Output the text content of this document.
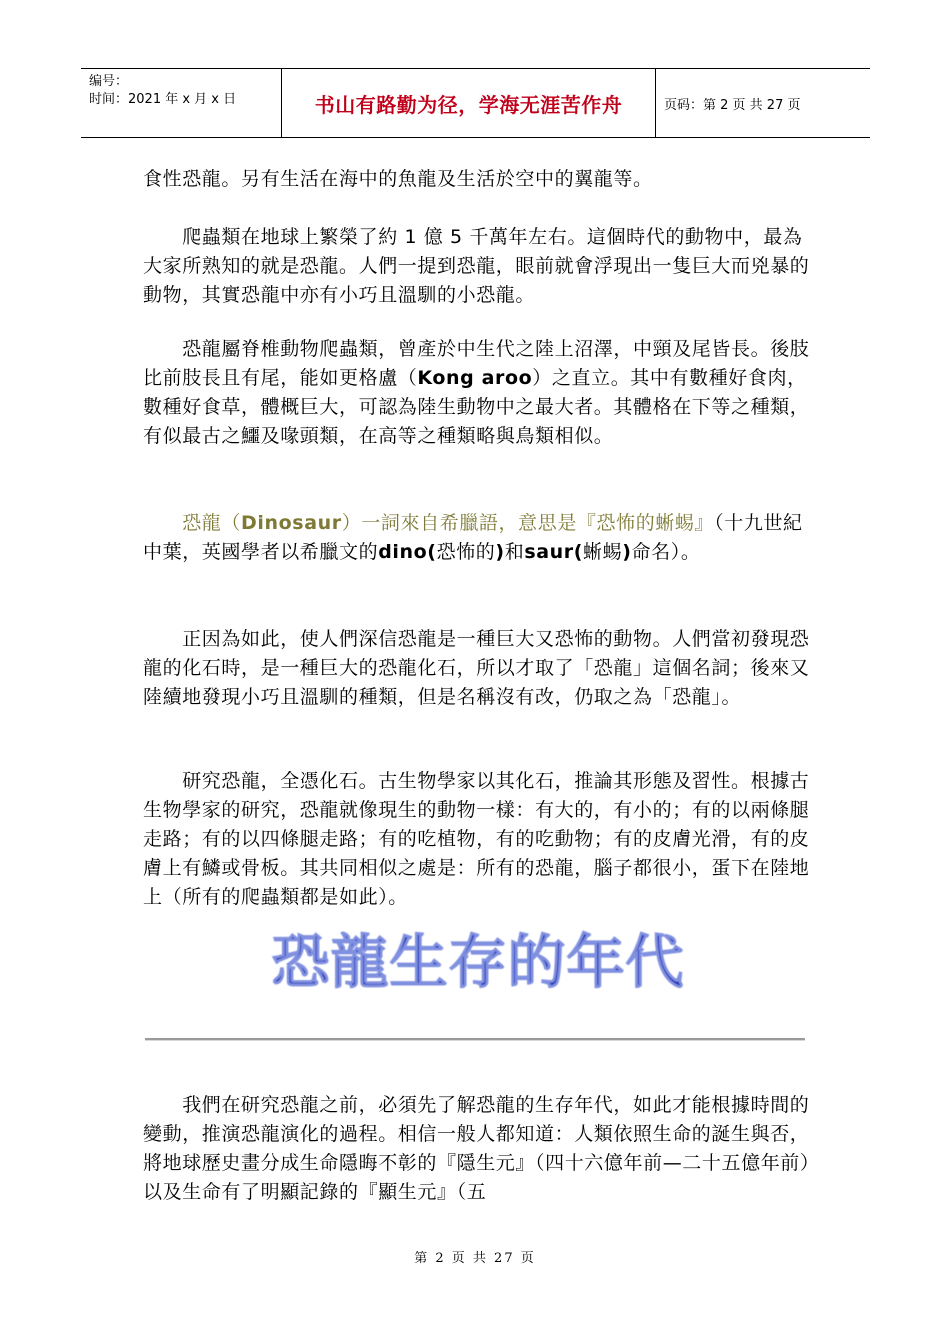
编号：
时间：2021 年 x 月 x 日	书山有路勤为径，学海无涯苦作舟	页码：第 2 页 共 27 页

食性恐龍。另有生活在海中的魚龍及生活於空中的翼龍等。

　　爬蟲類在地球上繁榮了約 1 億 5 千萬年左右。這個時代的動物中，最為大家所熟知的就是恐龍。人們一提到恐龍，眼前就會浮現出一隻巨大而兇暴的動物，其實恐龍中亦有小巧且溫馴的小恐龍。

　　恐龍屬脊椎動物爬蟲類，曾產於中生代之陸上沼澤，中頸及尾皆長。後肢比前肢長且有尾，能如更格盧（Kong aroo）之直立。其中有數種好食肉，數種好食草，體概巨大，可認為陸生動物中之最大者。其體格在下等之種類，有似最古之鱷及喙頭類，在高等之種類略與鳥類相似。

　　恐龍（Dinosaur）一詞來自希臘語，意思是『恐怖的蜥蜴』（十九世紀中葉，英國學者以希臘文的dino(恐怖的)和saur(蜥蜴)命名）。

　　正因為如此，使人們深信恐龍是一種巨大又恐怖的動物。人們當初發現恐龍的化石時，是一種巨大的恐龍化石，所以才取了「恐龍」這個名詞；後來又陸續地發現小巧且溫馴的種類，但是名稱沒有改，仍取之為「恐龍」。

　　研究恐龍，全憑化石。古生物學家以其化石，推論其形態及習性。根據古生物學家的研究，恐龍就像現生的動物一樣：有大的，有小的；有的以兩條腿走路；有的以四條腿走路；有的吃植物，有的吃動物；有的皮膚光滑，有的皮膚上有鱗或骨板。其共同相似之處是：所有的恐龍，腦子都很小，蛋下在陸地上（所有的爬蟲類都是如此）。

恐龍生存的年代

　　我們在研究恐龍之前，必須先了解恐龍的生存年代，如此才能根據時間的變動，推演恐龍演化的過程。相信一般人都知道：人類依照生命的誕生與否，將地球歷史畫分成生命隱晦不彰的『隱生元』（四十六億年前—二十五億年前）以及生命有了明顯記錄的『顯生元』（五

第 2 页 共 27 页
